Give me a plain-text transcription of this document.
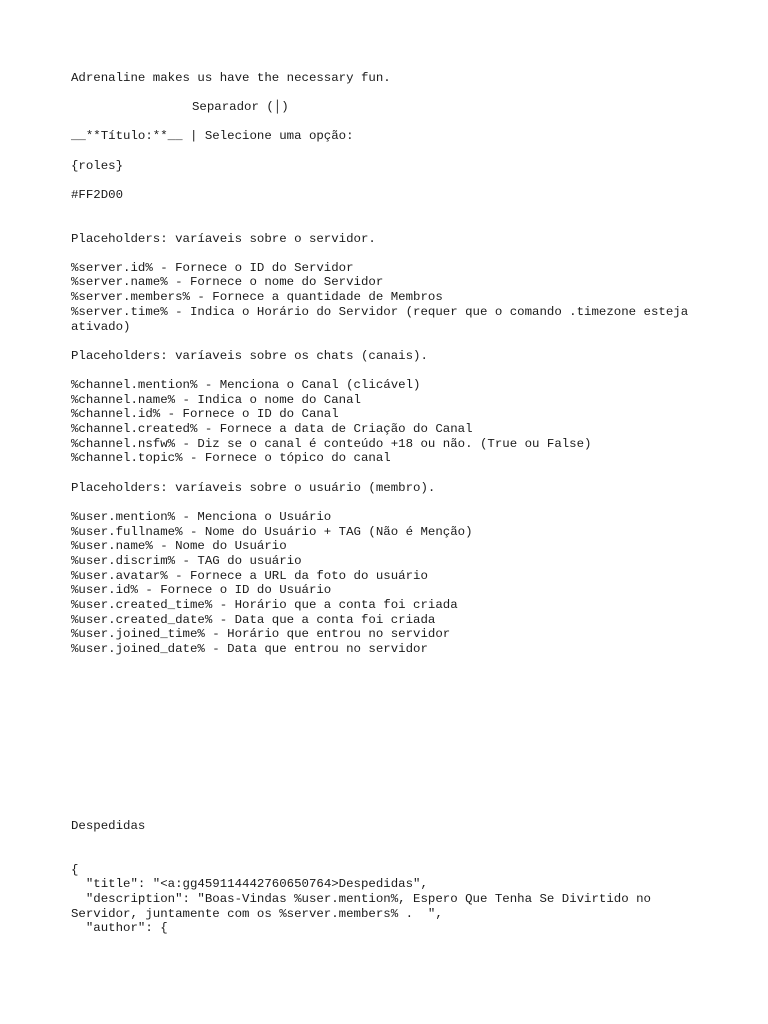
Adrenaline makes us have the necessary fun.

Separador (│)

__**Título:**__ | Selecione uma opção:

{roles}

#FF2D00

Placeholders: varíaveis sobre o servidor.

%server.id% - Fornece o ID do Servidor

%server.name% - Fornece o nome do Servidor

%server.members% - Fornece a quantidade de Membros

%server.time% - Indica o Horário do Servidor (requer que o comando .timezone esteja ativado)

Placeholders: varíaveis sobre os chats (canais).

%channel.mention% - Menciona o Canal (clicável)

%channel.name% - Indica o nome do Canal

%channel.id% - Fornece o ID do Canal

%channel.created% - Fornece a data de Criação do Canal

%channel.nsfw% - Diz se o canal é conteúdo +18 ou não. (True ou False)

%channel.topic% - Fornece o tópico do canal

Placeholders: varíaveis sobre o usuário (membro).

%user.mention% - Menciona o Usuário

%user.fullname% - Nome do Usuário + TAG (Não é Menção)

%user.name% - Nome do Usuário

%user.discrim% - TAG do usuário

%user.avatar% - Fornece a URL da foto do usuário

%user.id% - Fornece o ID do Usuário

%user.created_time% - Horário que a conta foi criada

%user.created_date% - Data que a conta foi criada

%user.joined_time% - Horário que entrou no servidor

%user.joined_date% - Data que entrou no servidor

Despedidas

{

"title": "<a:gg459114442760650764>Despedidas",

"description": "Boas-Vindas %user.mention%, Espero Que Tenha Se Divirtido no Servidor, juntamente com os %server.members% .  ",

"author": {
